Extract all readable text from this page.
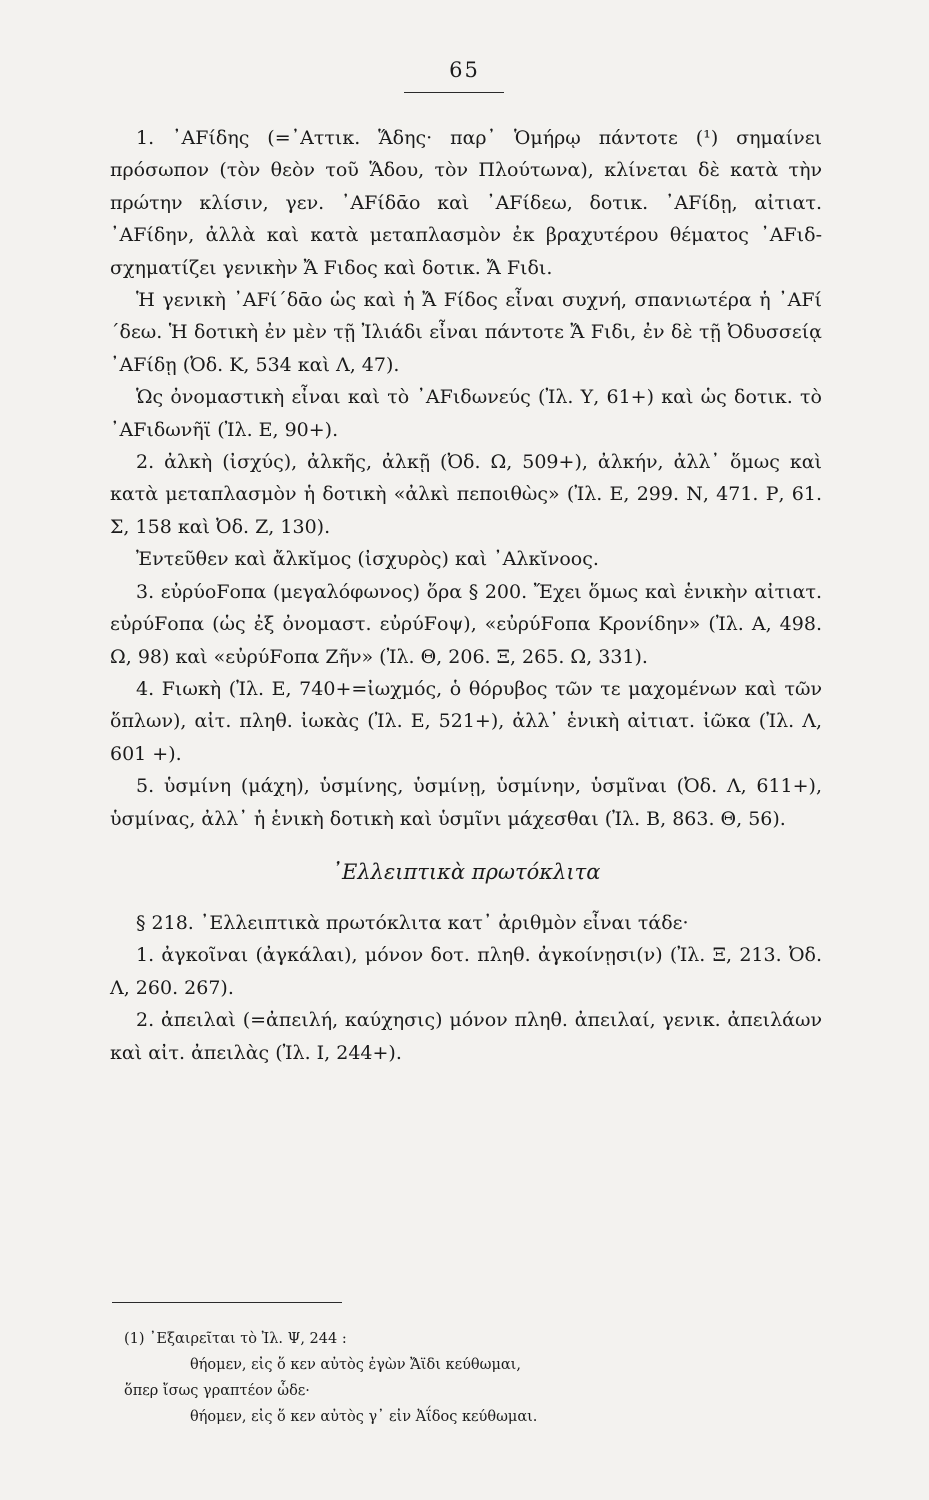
65

1. ᾽ΑFίδης (=᾽Αττικ. Ἅδης· παρ᾽ Ὁμήρῳ πάντοτε (¹) σημαίνει πρόσωπον (τὸν θεὸν τοῦ Ἅδου, τὸν Πλούτωνα), κλίνεται δὲ κατὰ τὴν πρώτην κλίσιν, γεν. ᾽ΑFίδᾱο καὶ ᾽ΑFίδεω, δοτικ. ᾽ΑFίδῃ, αἰτιατ. ᾽ΑFίδην, ἀλλὰ καὶ κατὰ μεταπλασμὸν ἐκ βραχυτέρου θέματος ᾽ΑFιδ- σχηματίζει γενικὴν Ἄ Fιδος καὶ δοτικ. Ἄ Fιδι.

Ἡ γενικὴ ᾽ΑFί´δᾱο ὡς καὶ ἡ Ἄ Fίδος εἶναι συχνή, σπανιωτέρα ἡ ᾽ΑFί´δεω. Ἡ δοτικὴ ἐν μὲν τῇ Ἰλιάδι εἶναι πάντοτε Ἄ Fιδι, ἐν δὲ τῇ Ὀδυσσείᾳ ᾽ΑFίδῃ (Ὀδ. Κ, 534 καὶ Λ, 47).

Ὡς ὀνομαστικὴ εἶναι καὶ τὸ ᾽ΑFιδωνεύς (Ἰλ. Υ, 61+) καὶ ὡς δοτικ. τὸ ᾽ΑFιδωνῆϊ (Ἰλ. Ε, 90+).

2. ἀλκὴ (ἰσχύς), ἀλκῆς, ἀλκῇ (Ὀδ. Ω, 509+), ἀλκήν, ἀλλ᾽ ὅμως καὶ κατὰ μεταπλασμὸν ἡ δοτικὴ «ἀλκὶ πεποιθὼς» (Ἰλ. Ε, 299. Ν, 471. Ρ, 61. Σ, 158 καὶ Ὀδ. Ζ, 130).

Ἐντεῦθεν καὶ ἄλκῐμος (ἰσχυρὸς) καὶ ᾽Αλκῐνοος.

3. εὐρύοFοπα (μεγαλόφωνος) ὅρα § 200. Ἔχει ὅμως καὶ ἑνικὴν αἰτιατ. εὐρύFοπα (ὡς ἐξ ὀνομαστ. εὐρύFοψ), «εὐρύFοπα Κρονίδην» (Ἰλ. Α, 498. Ω, 98) καὶ «εὐρύFοπα Ζῆν» (Ἰλ. Θ, 206. Ξ, 265. Ω, 331).

4. Fιωκὴ (Ἰλ. Ε, 740+=ἰωχμός, ὁ θόρυβος τῶν τε μαχομένων καὶ τῶν ὅπλων), αἰτ. πληθ. ἰωκὰς (Ἰλ. Ε, 521+), ἀλλ᾽ ἑνικὴ αἰτιατ. ἰῶκα (Ἰλ. Λ, 601 +).

5. ὑσμίνη (μάχη), ὑσμίνης, ὑσμίνῃ, ὑσμίνην, ὑσμῖναι (Ὀδ. Λ, 611+), ὑσμίνας, ἀλλ᾽ ἡ ἑνικὴ δοτικὴ καὶ ὑσμῖνι μάχεσθαι (Ἰλ. Β, 863. Θ, 56).

᾽Ελλειπτικὰ πρωτόκλιτα

§ 218. ᾽Ελλειπτικὰ πρωτόκλιτα κατ᾽ ἀριθμὸν εἶναι τάδε·

1. ἀγκοῖναι (ἀγκάλαι), μόνον δοτ. πληθ. ἀγκοίνῃσι(ν) (Ἰλ. Ξ, 213. Ὀδ. Λ, 260. 267).

2. ἀπειλαὶ (=ἀπειλή, καύχησις) μόνον πληθ. ἀπειλαί, γενικ. ἀπειλάων καὶ αἰτ. ἀπειλὰς (Ἰλ. Ι, 244+).

(1) ᾽Εξαιρεῖται τὸ Ἰλ. Ψ, 244 :
θήομεν, εἰς ὅ κεν αὐτὸς ἐγὼν Ἄϊδι κεύθωμαι,
ὅπερ ἴσως γραπτέον ὧδε·
θήομεν, εἰς ὅ κεν αὐτὸς γ᾽ εἰν Ἀΐδος κεύθωμαι.
